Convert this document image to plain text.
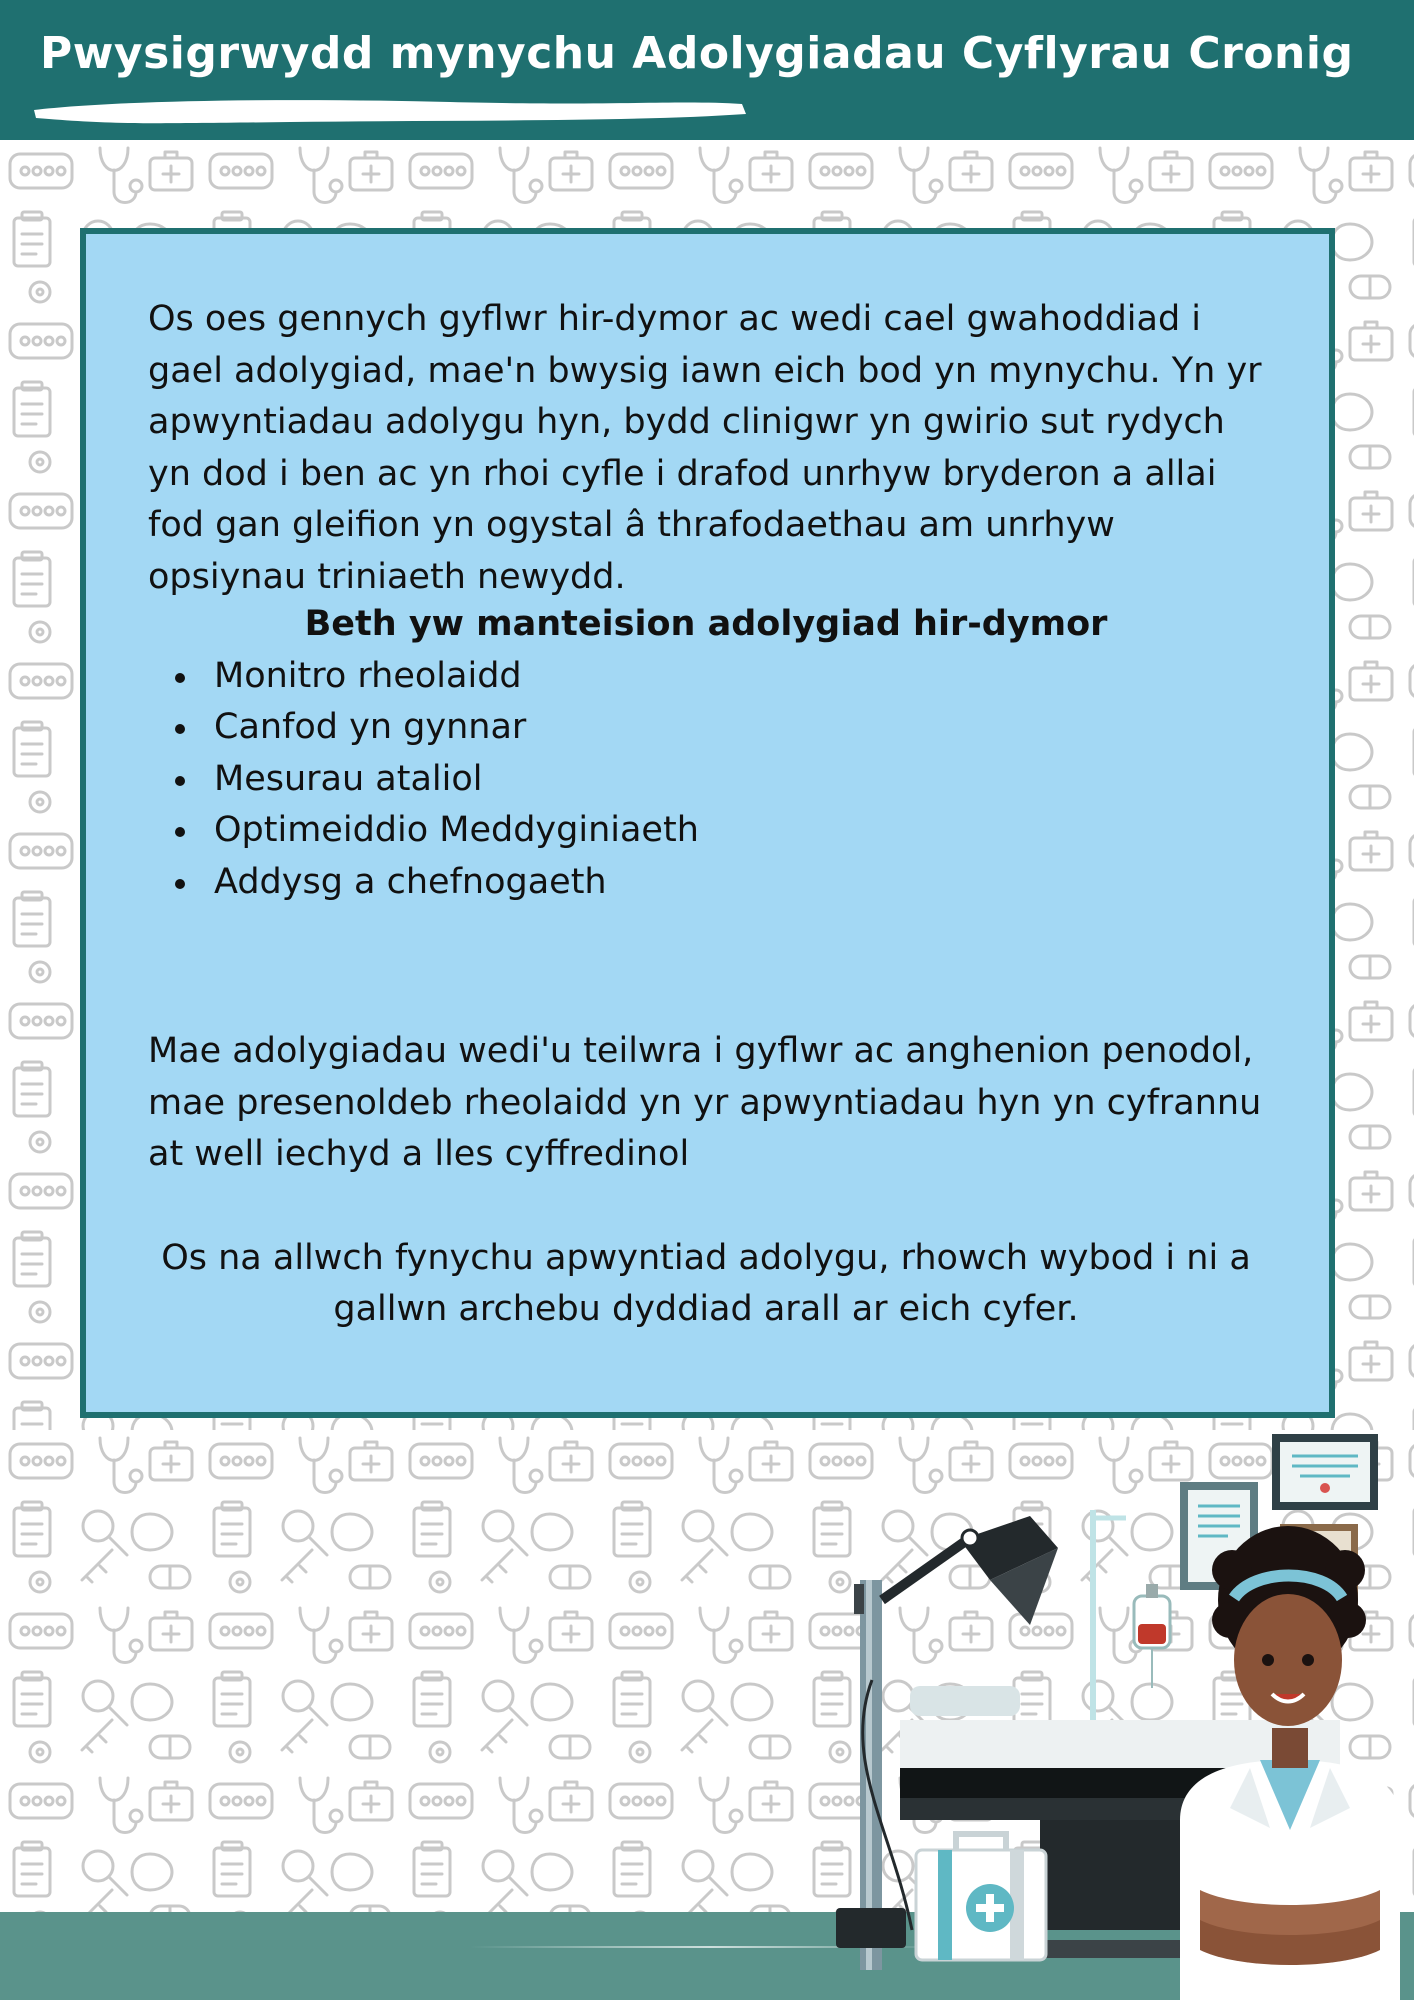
Pwysigrwydd mynychu Adolygiadau Cyflyrau Cronig

Os oes gennych gyflwr hir-dymor ac wedi cael gwahoddiad i gael adolygiad, mae'n bwysig iawn eich bod yn mynychu. Yn yr apwyntiadau adolygu hyn, bydd clinigwr yn gwirio sut rydych yn dod i ben ac yn rhoi cyfle i drafod unrhyw bryderon a allai fod gan gleifion yn ogystal â thrafodaethau am unrhyw opsiynau triniaeth newydd.

Beth yw manteision adolygiad hir-dymor
Monitro rheolaidd
Canfod yn gynnar
Mesurau ataliol
Optimeiddio Meddyginiaeth
Addysg a chefnogaeth

Mae adolygiadau wedi'u teilwra i gyflwr ac anghenion penodol, mae presenoldeb rheolaidd yn yr apwyntiadau hyn yn cyfrannu at well iechyd a lles cyffredinol

Os na allwch fynychu apwyntiad adolygu, rhowch wybod i ni a gallwn archebu dyddiad arall ar eich cyfer.
